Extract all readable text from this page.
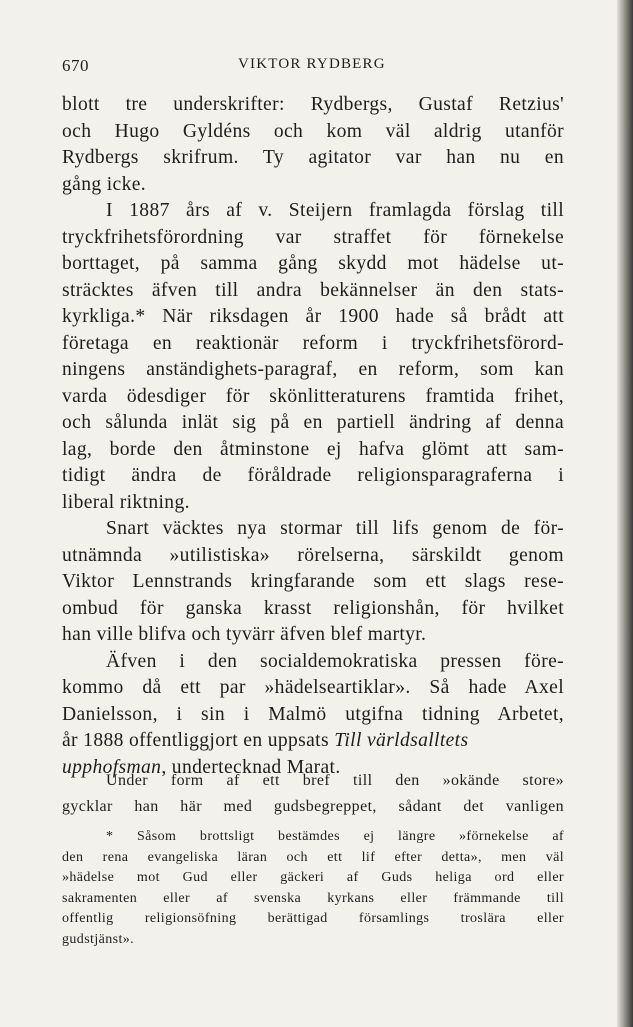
670	VIKTOR RYDBERG
blott tre underskrifter: Rydbergs, Gustaf Retzius'
och Hugo Gyldéns och kom väl aldrig utanför
Rydbergs skrifrum. Ty agitator var han nu en
gång icke.
I 1887 års af v. Steijern framlagda förslag till
tryckfrihetsförordning var straffet för förnekelse
borttaget, på samma gång skydd mot hädelse ut-
sträcktes äfven till andra bekännelser än den stats-
kyrkliga.* När riksdagen år 1900 hade så brådt att
företaga en reaktionär reform i tryckfrihetsförord-
ningens anständighets-paragraf, en reform, som kan
varda ödesdiger för skönlitteraturens framtida frihet,
och sålunda inlät sig på en partiell ändring af denna
lag, borde den åtminstone ej hafva glömt att sam-
tidigt ändra de föråldrade religionsparagraferna i
liberal riktning.
Snart väcktes nya stormar till lifs genom de för-
utnämnda »utilistiska» rörelserna, särskildt genom
Viktor Lennstrands kringfarande som ett slags rese-
ombud för ganska krasst religionshån, för hvilket
han ville blifva och tyvärr äfven blef martyr.
Äfven i den socialdemokratiska pressen före-
kommo då ett par »hädelseartiklar». Så hade Axel
Danielsson, i sin i Malmö utgifna tidning Arbetet,
år 1888 offentliggjort en uppsats Till världsalltets
upphofsman, undertecknad Marat.
Under form af ett bref till den »okände store»
gycklar han här med gudsbegreppet, sådant det vanligen
* Såsom brottsligt bestämdes ej längre »förnekelse af
den rena evangeliska läran och ett lif efter detta», men väl
»hädelse mot Gud eller gäckeri af Guds heliga ord eller
sakramenten eller af svenska kyrkans eller främmande till
offentlig religionsöfning berättigad församlings troslära eller
gudstjänst».
